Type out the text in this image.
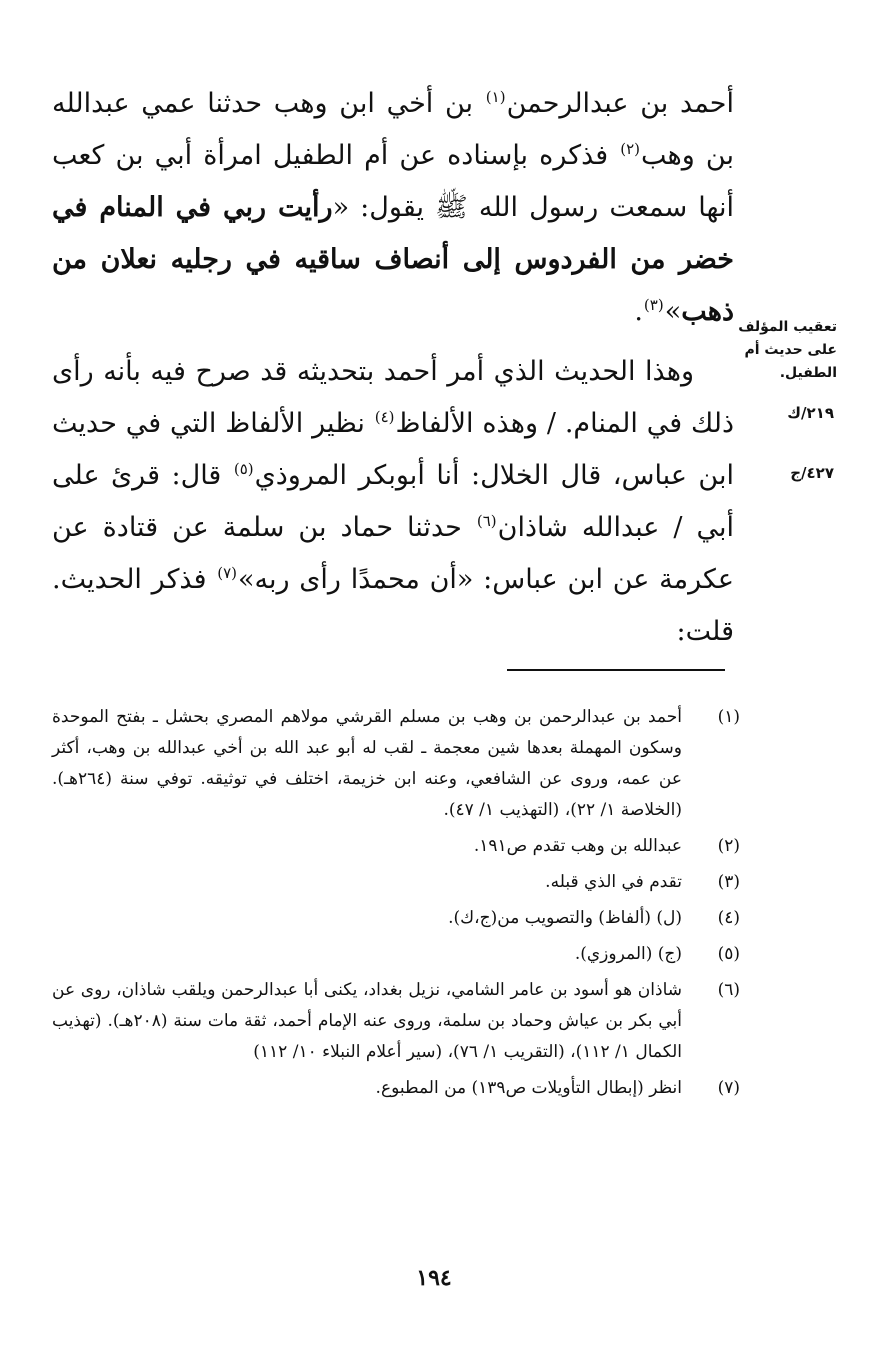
أحمد بن عبدالرحمن$^{(١)}$ بن أخي ابن وهب حدثنا عمي عبدالله بن وهب$^{(٢)}$ فذكره بإسناده عن أم الطفيل امرأة أبي بن كعب أنها سمعت رسول الله ﷺ يقول: «رأيت ربي في المنام في خضر من الفردوس إلى أنصاف ساقيه في رجليه نعلان من ذهب»$^{(٣)}$.

وهذا الحديث الذي أمر أحمد بتحديثه قد صرح فيه بأنه رأى ذلك في المنام. / وهذه الألفاظ$^{(٤)}$ نظير الألفاظ التي في حديث ابن عباس، قال الخلال: أنا أبوبكر المروذي$^{(٥)}$ قال: قرئ على أبي / عبدالله شاذان$^{(٦)}$ حدثنا حماد بن سلمة عن قتادة عن عكرمة عن ابن عباس: «أن محمدًا رأى ربه»$^{(٧)}$ فذكر الحديث. قلت:

تعقيب المؤلف
على حديث أم
الطفيل.
٢١٩/ك
٤٢٧/ج
(١)
أحمد بن عبدالرحمن بن وهب بن مسلم القرشي مولاهم المصري بحشل ـ بفتح الموحدة وسكون المهملة بعدها شين معجمة ـ لقب له أبو عبد الله بن أخي عبدالله بن وهب، أكثر عن عمه، وروى عن الشافعي، وعنه ابن خزيمة، اختلف في توثيقه. توفي سنة (٢٦٤هـ). (الخلاصة ١/ ٢٢)، (التهذيب ١/ ٤٧).
(٢)
عبدالله بن وهب تقدم ص١٩١.
(٣)
تقدم في الذي قبله.
(٤)
(ل) (ألفاظ) والتصويب من(ج،ك).
(٥)
(ج) (المروزي).
(٦)
شاذان هو أسود بن عامر الشامي، نزيل بغداد، يكنى أبا عبدالرحمن ويلقب شاذان، روى عن أبي بكر بن عياش وحماد بن سلمة، وروى عنه الإمام أحمد، ثقة مات سنة (٢٠٨هـ). (تهذيب الكمال ١/ ١١٢)، (التقريب ١/ ٧٦)، (سير أعلام النبلاء ١٠/ ١١٢)
(٧)
انظر (إبطال التأويلات ص١٣٩) من المطبوع.
١٩٤
